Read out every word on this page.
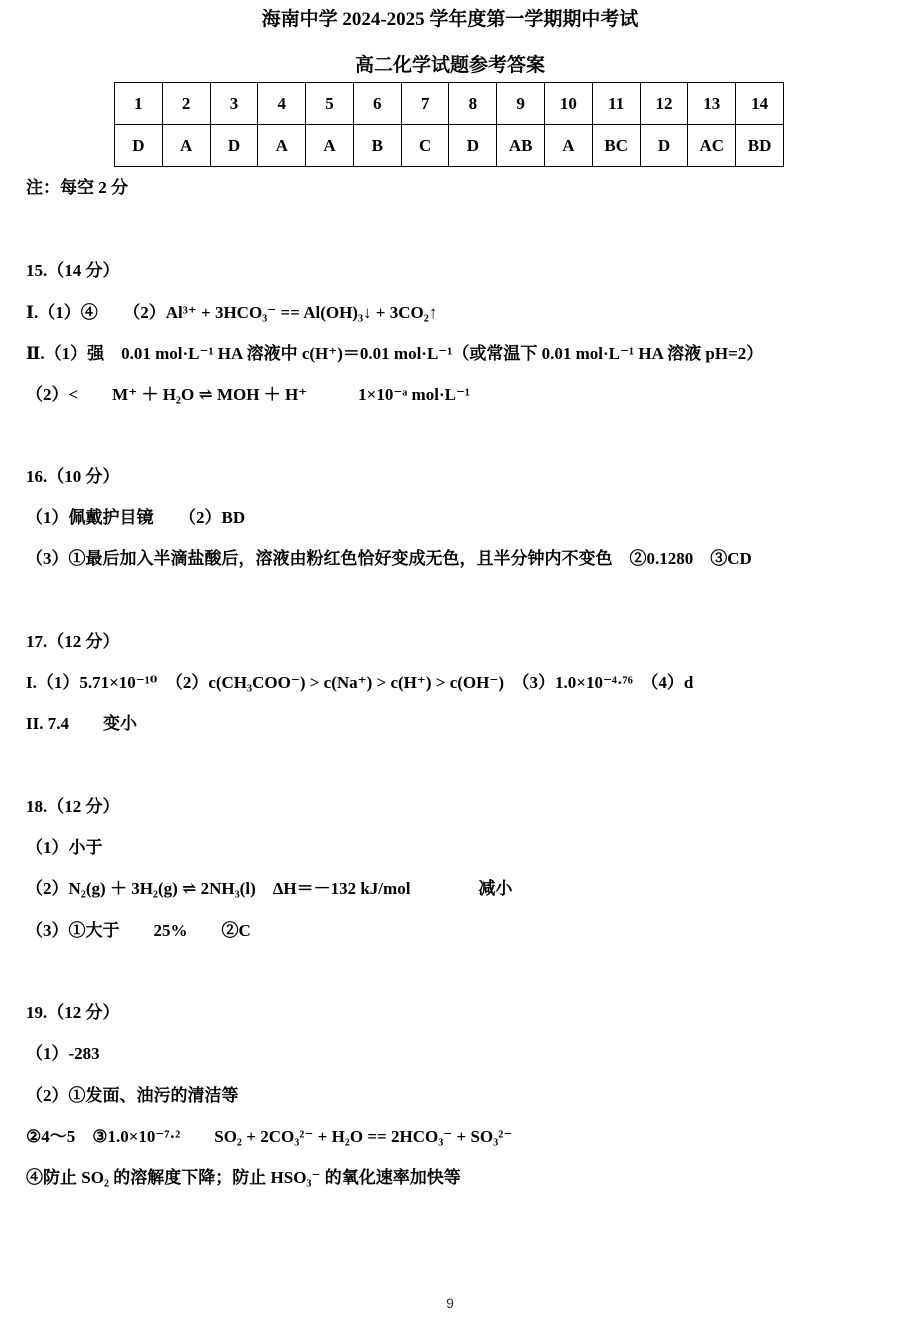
海南中学 2024-2025 学年度第一学期期中考试
高二化学试题参考答案
1	2	3	4	5	6	7	8	9	10	11	12	13	14
D	A	D	A	A	B	C	D	AB	A	BC	D	AC	BD
注：每空 2 分
15.（14 分）
Ⅰ.（1）④　　（2）Al³⁺ + 3HCO₃⁻ == Al(OH)₃↓ + 3CO₂↑
Ⅱ.（1）强　0.01 mol·L⁻¹ HA 溶液中 c(H⁺)＝0.01 mol·L⁻¹（或常温下 0.01 mol·L⁻¹ HA 溶液 pH=2）
（2）<　　M⁺ ＋ H₂O ⇌ MOH ＋ H⁺　　　1×10⁻ᵃ mol·L⁻¹
16.（10 分）
（1）佩戴护目镜　　（2）BD
（3）①最后加入半滴盐酸后，溶液由粉红色恰好变成无色，且半分钟内不变色　②0.1280　③CD
17.（12 分）
I.（1）5.71×10⁻¹⁰　（2）c(CH₃COO⁻) > c(Na⁺) > c(H⁺) > c(OH⁻)　（3）1.0×10⁻⁴·⁷⁶　（4）d
II. 7.4　　变小
18.（12 分）
（1）小于
（2）N₂(g) ＋ 3H₂(g) ⇌ 2NH₃(l)　ΔH＝－132 kJ/mol　　　　减小
（3）①大于　　25%　　②C
19.（12 分）
（1）-283
（2）①发面、油污的清洁等
②4～5　③1.0×10⁻⁷·²　　SO₂ + 2CO₃²⁻ + H₂O == 2HCO₃⁻ + SO₃²⁻
④防止 SO₂ 的溶解度下降；防止 HSO₃⁻ 的氧化速率加快等
9
